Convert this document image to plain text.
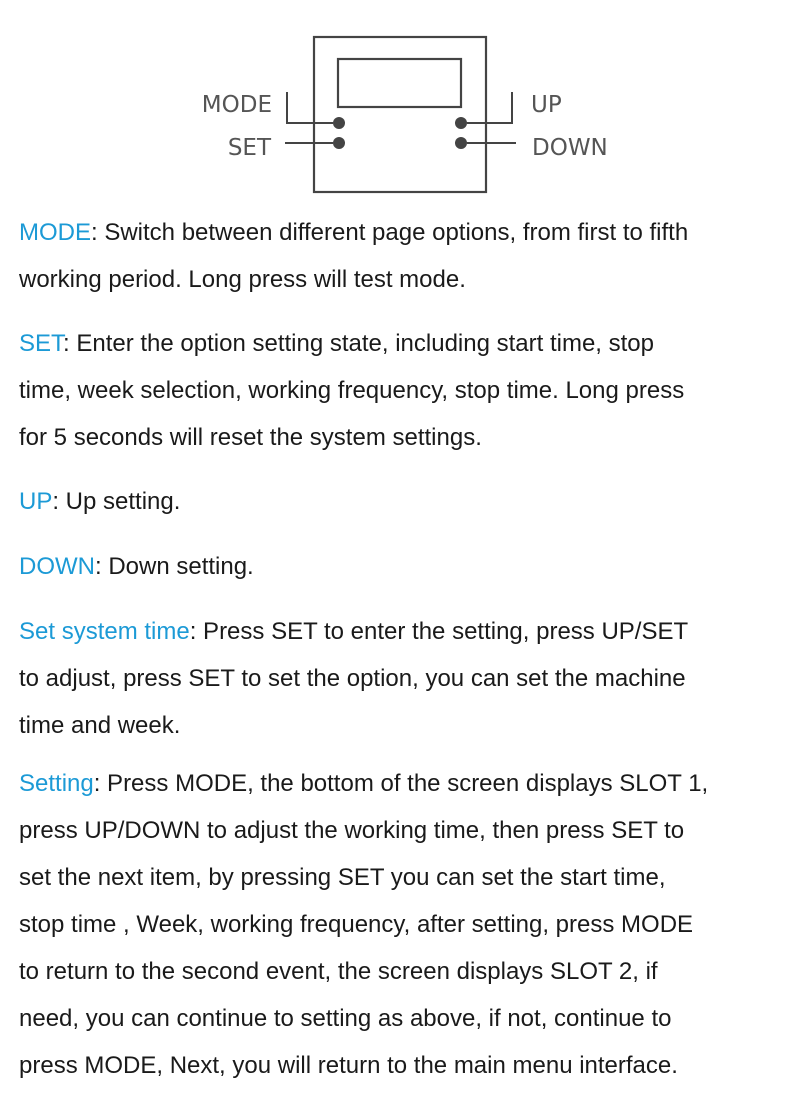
MODE
SET
UP
DOWN
MODE: Switch between different page options, from first to fifth
working period. Long press will test mode.
SET: Enter the option setting state, including start time, stop
time, week selection, working frequency, stop time. Long press
for 5 seconds will reset the system settings.
UP: Up setting.
DOWN: Down setting.
Set system time: Press SET to enter the setting, press UP/SET
to adjust, press SET to set the option, you can set the machine
time and week.
Setting: Press MODE, the bottom of the screen displays SLOT 1,
press UP/DOWN to adjust the working time, then press SET to
set the next item, by pressing SET you can set the start time,
stop time , Week, working frequency, after setting, press MODE
to return to the second event, the screen displays SLOT 2, if
need, you can continue to setting as above, if not, continue to
press MODE, Next, you will return to the main menu interface.
